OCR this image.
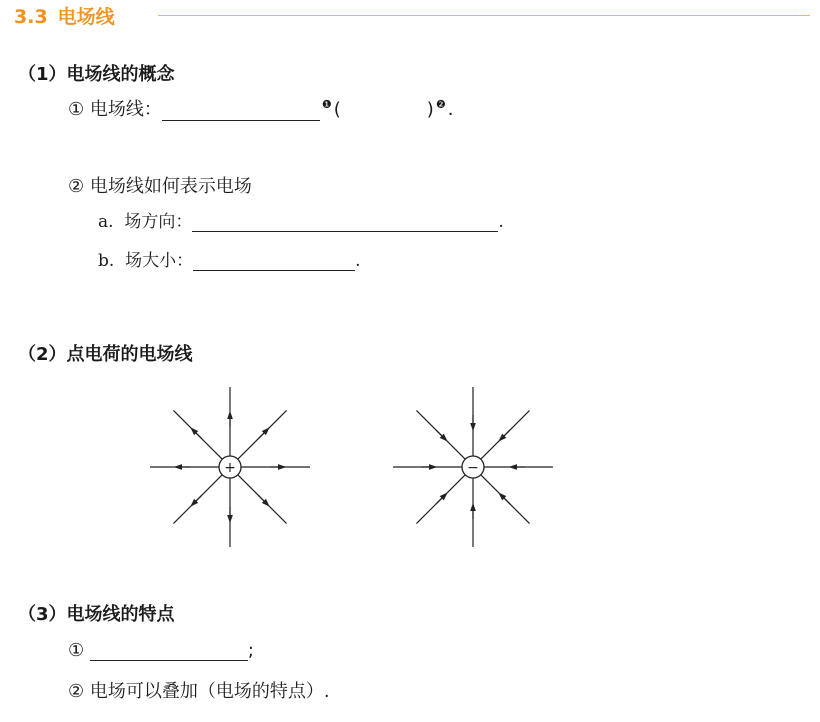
3.3 电场线
（1）电场线的概念
① 电场线：	$^❶$ (	) $^❷$ .
② 电场线如何表示电场
a. 场方向：	.
b. 场大小：	.
（2）点电荷的电场线
+	−
（3）电场线的特点
①	;
② 电场可以叠加（电场的特点）.
